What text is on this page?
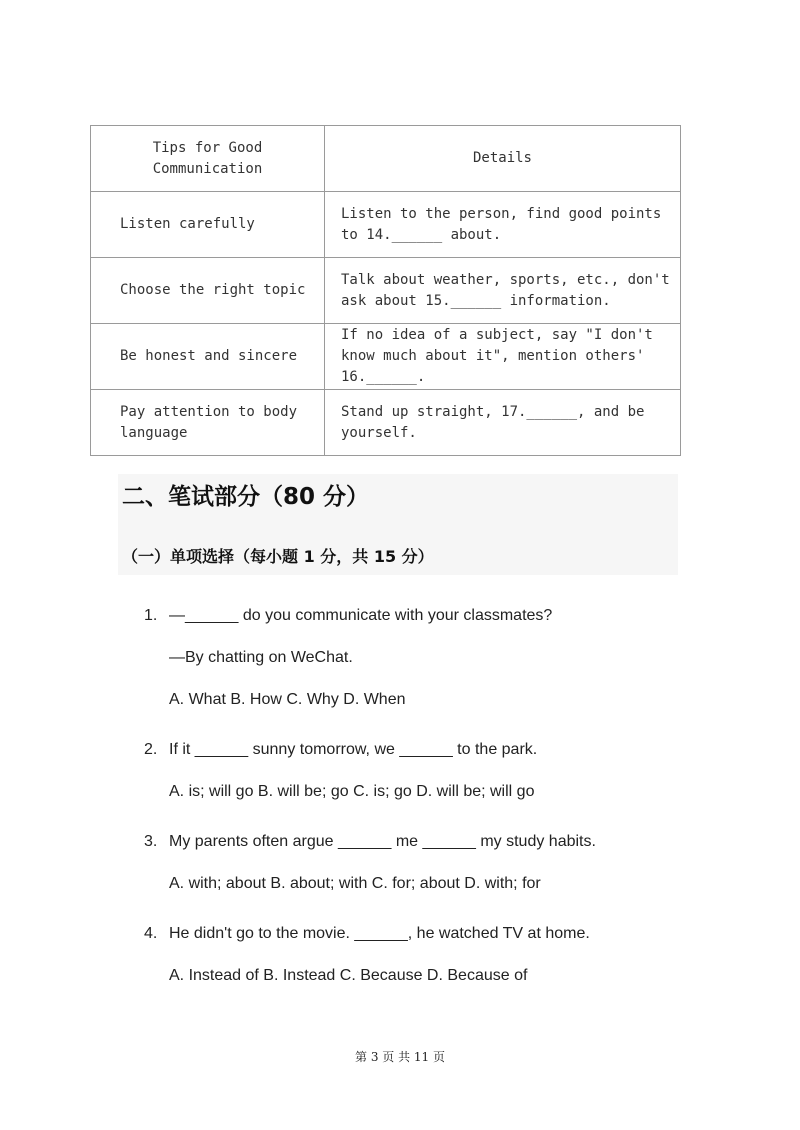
Tips for Good
Communication	Details
Listen carefully	Listen to the person, find good points to 14.______ about.
Choose the right topic	Talk about weather, sports, etc., don't ask about 15.______ information.
Be honest and sincere	If no idea of a subject, say "I don't know much about it", mention others' 16.______.
Pay attention to body language	Stand up straight, 17.______, and be yourself.
二、笔试部分（80 分）
（一）单项选择（每小题 1 分，共 15 分）
1. —______ do you communicate with your classmates?
—By chatting on WeChat.
A. What B. How C. Why D. When
2. If it ______ sunny tomorrow, we ______ to the park.
A. is; will go B. will be; go C. is; go D. will be; will go
3. My parents often argue ______ me ______ my study habits.
A. with; about B. about; with C. for; about D. with; for
4. He didn't go to the movie. ______, he watched TV at home.
A. Instead of B. Instead C. Because D. Because of
第 3 页 共 11 页
